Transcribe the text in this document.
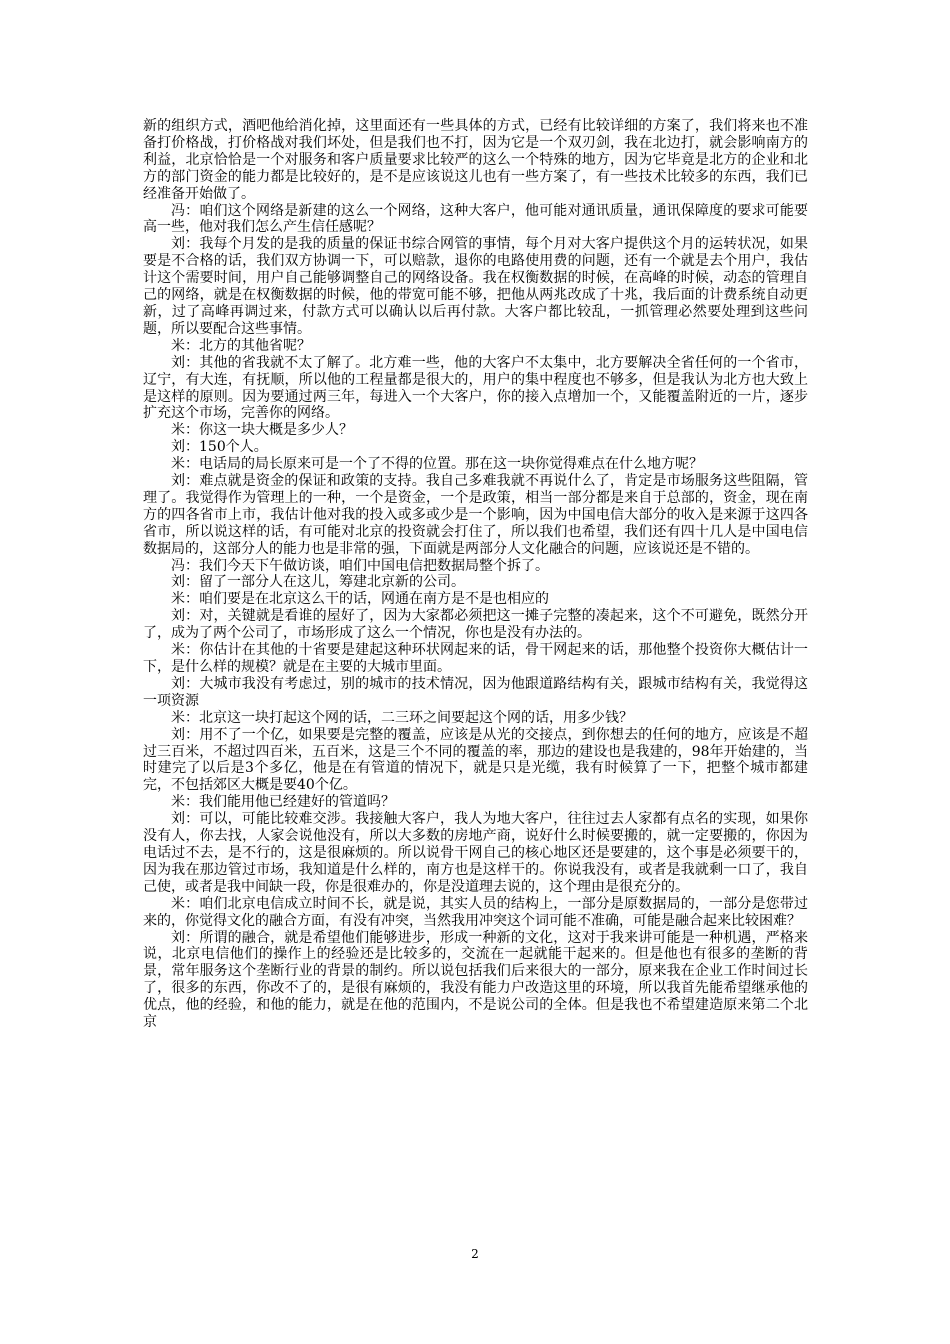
新的组织方式，酒吧他给消化掉，这里面还有一些具体的方式，已经有比较详细的方案了，我们将来也不准备打价格战，打价格战对我们坏处，但是我们也不打，因为它是一个双刃剑，我在北边打，就会影响南方的利益，北京恰恰是一个对服务和客户质量要求比较严的这么一个特殊的地方，因为它毕竟是北方的企业和北方的部门资金的能力都是比较好的，是不是应该说这儿也有一些方案了，有一些技术比较多的东西，我们已经准备开始做了。

冯：咱们这个网络是新建的这么一个网络，这种大客户，他可能对通讯质量，通讯保障度的要求可能要高一些，他对我们怎么产生信任感呢？

刘：我每个月发的是我的质量的保证书综合网管的事情，每个月对大客户提供这个月的运转状况，如果要是不合格的话，我们双方协调一下，可以赔款，退你的电路使用费的问题，还有一个就是去个用户，我估计这个需要时间，用户自己能够调整自己的网络设备。我在权衡数据的时候，在高峰的时候，动态的管理自己的网络，就是在权衡数据的时候，他的带宽可能不够，把他从两兆改成了十兆，我后面的计费系统自动更新，过了高峰再调过来，付款方式可以确认以后再付款。大客户都比较乱，一抓管理必然要处理到这些问题，所以要配合这些事情。

米：北方的其他省呢？

刘：其他的省我就不太了解了。北方难一些，他的大客户不太集中，北方要解决全省任何的一个省市，辽宁，有大连，有抚顺，所以他的工程量都是很大的，用户的集中程度也不够多，但是我认为北方也大致上是这样的原则。因为要通过两三年，每进入一个大客户，你的接入点增加一个，又能覆盖附近的一片，逐步扩充这个市场，完善你的网络。

米：你这一块大概是多少人？

刘：150个人。

米：电话局的局长原来可是一个了不得的位置。那在这一块你觉得难点在什么地方呢？

刘：难点就是资金的保证和政策的支持。我自己多难我就不再说什么了，肯定是市场服务这些阻隔，管理了。我觉得作为管理上的一种，一个是资金，一个是政策，相当一部分都是来自于总部的，资金，现在南方的四各省市上市，我估计他对我的投入或多或少是一个影响，因为中国电信大部分的收入是来源于这四各省市，所以说这样的话，有可能对北京的投资就会打住了，所以我们也希望，我们还有四十几人是中国电信数据局的，这部分人的能力也是非常的强，下面就是两部分人文化融合的问题，应该说还是不错的。

冯：我们今天下午做访谈，咱们中国电信把数据局整个拆了。

刘：留了一部分人在这儿，筹建北京新的公司。

米：咱们要是在北京这么干的话，网通在南方是不是也相应的

刘：对，关键就是看谁的屋好了，因为大家都必须把这一摊子完整的凑起来，这个不可避免，既然分开了，成为了两个公司了，市场形成了这么一个情况，你也是没有办法的。

米：你估计在其他的十省要是建起这种环状网起来的话，骨干网起来的话，那他整个投资你大概估计一下，是什么样的规模？就是在主要的大城市里面。

刘：大城市我没有考虑过，别的城市的技术情况，因为他跟道路结构有关，跟城市结构有关，我觉得这一项资源

米：北京这一块打起这个网的话，二三环之间要起这个网的话，用多少钱？

刘：用不了一个亿，如果要是完整的覆盖，应该是从光的交接点，到你想去的任何的地方，应该是不超过三百米，不超过四百米，五百米，这是三个不同的覆盖的率，那边的建设也是我建的，98年开始建的，当时建完了以后是3个多亿，他是在有管道的情况下，就是只是光缆，我有时候算了一下，把整个城市都建完，不包括郊区大概是要40个亿。

米：我们能用他已经建好的管道吗？

刘：可以，可能比较难交涉。我接触大客户，我人为地大客户，往往过去人家都有点名的实现，如果你没有人，你去找，人家会说他没有，所以大多数的房地产商，说好什么时候要搬的，就一定要搬的，你因为电话过不去，是不行的，这是很麻烦的。所以说骨干网自己的核心地区还是要建的，这个事是必须要干的，因为我在那边管过市场，我知道是什么样的，南方也是这样干的。你说我没有，或者是我就剩一口了，我自己使，或者是我中间缺一段，你是很难办的，你是没道理去说的，这个理由是很充分的。

米：咱们北京电信成立时间不长，就是说，其实人员的结构上，一部分是原数据局的，一部分是您带过来的，你觉得文化的融合方面，有没有冲突，当然我用冲突这个词可能不准确，可能是融合起来比较困难？

刘：所谓的融合，就是希望他们能够进步，形成一种新的文化，这对于我来讲可能是一种机遇，严格来说，北京电信他们的操作上的经验还是比较多的，交流在一起就能干起来的。但是他也有很多的垄断的背景，常年服务这个垄断行业的背景的制约。所以说包括我们后来很大的一部分，原来我在企业工作时间过长了，很多的东西，你改不了的，是很有麻烦的，我没有能力户改造这里的环境，所以我首先能希望继承他的优点，他的经验，和他的能力，就是在他的范围内，不是说公司的全体。但是我也不希望建造原来第二个北京

2
